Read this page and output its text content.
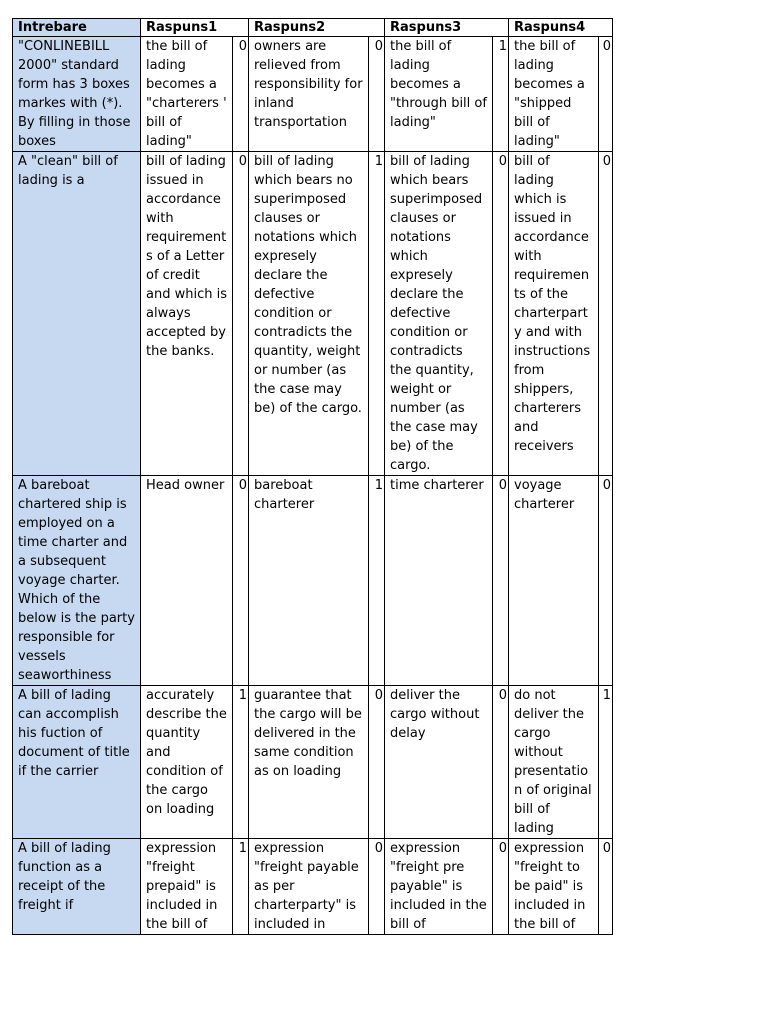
Intrebare	Raspuns1		Raspuns2		Raspuns3		Raspuns4	
"CONLINEBILL 2000" standard form has 3 boxes markes with (*). By filling in those boxes	the bill of lading becomes a "charterers ' bill of lading"	0	owners are relieved from responsibility for inland transportation	0	the bill of lading becomes a "through bill of lading"	1	the bill of lading becomes a "shipped bill of lading"	0
A "clean" bill of lading is a	bill of lading issued in accordance with requirements of a Letter of credit and which is always accepted by the banks.	0	bill of lading which bears no superimposed clauses or notations which expresely declare the defective condition or contradicts the quantity, weight or number (as the case may be) of the cargo.	1	bill of lading which bears superimposed clauses or notations which expresely declare the defective condition or contradicts the quantity, weight or number (as the case may be) of the cargo.	0	bill of lading which is issued in accordance with requirements of the charterparty and with instructions from shippers, charterers and receivers	0
A bareboat chartered ship is employed on a time charter and a subsequent voyage charter. Which of the below is the party responsible for vessels seaworthiness	Head owner	0	bareboat charterer	1	time charterer	0	voyage charterer	0
A bill of lading can accomplish his fuction of document of title if the carrier	accurately describe the quantity and condition of the cargo on loading	1	guarantee that the cargo will be delivered in the same condition as on loading	0	deliver the cargo without delay	0	do not deliver the cargo without presentation of original bill of lading	1
A bill of lading function as a receipt of the freight if	expression "freight prepaid" is included in the bill of	1	expression "freight payable as per charterparty" is included in	0	expression "freight pre payable" is included in the bill of	0	expression "freight to be paid" is included in the bill of	0
